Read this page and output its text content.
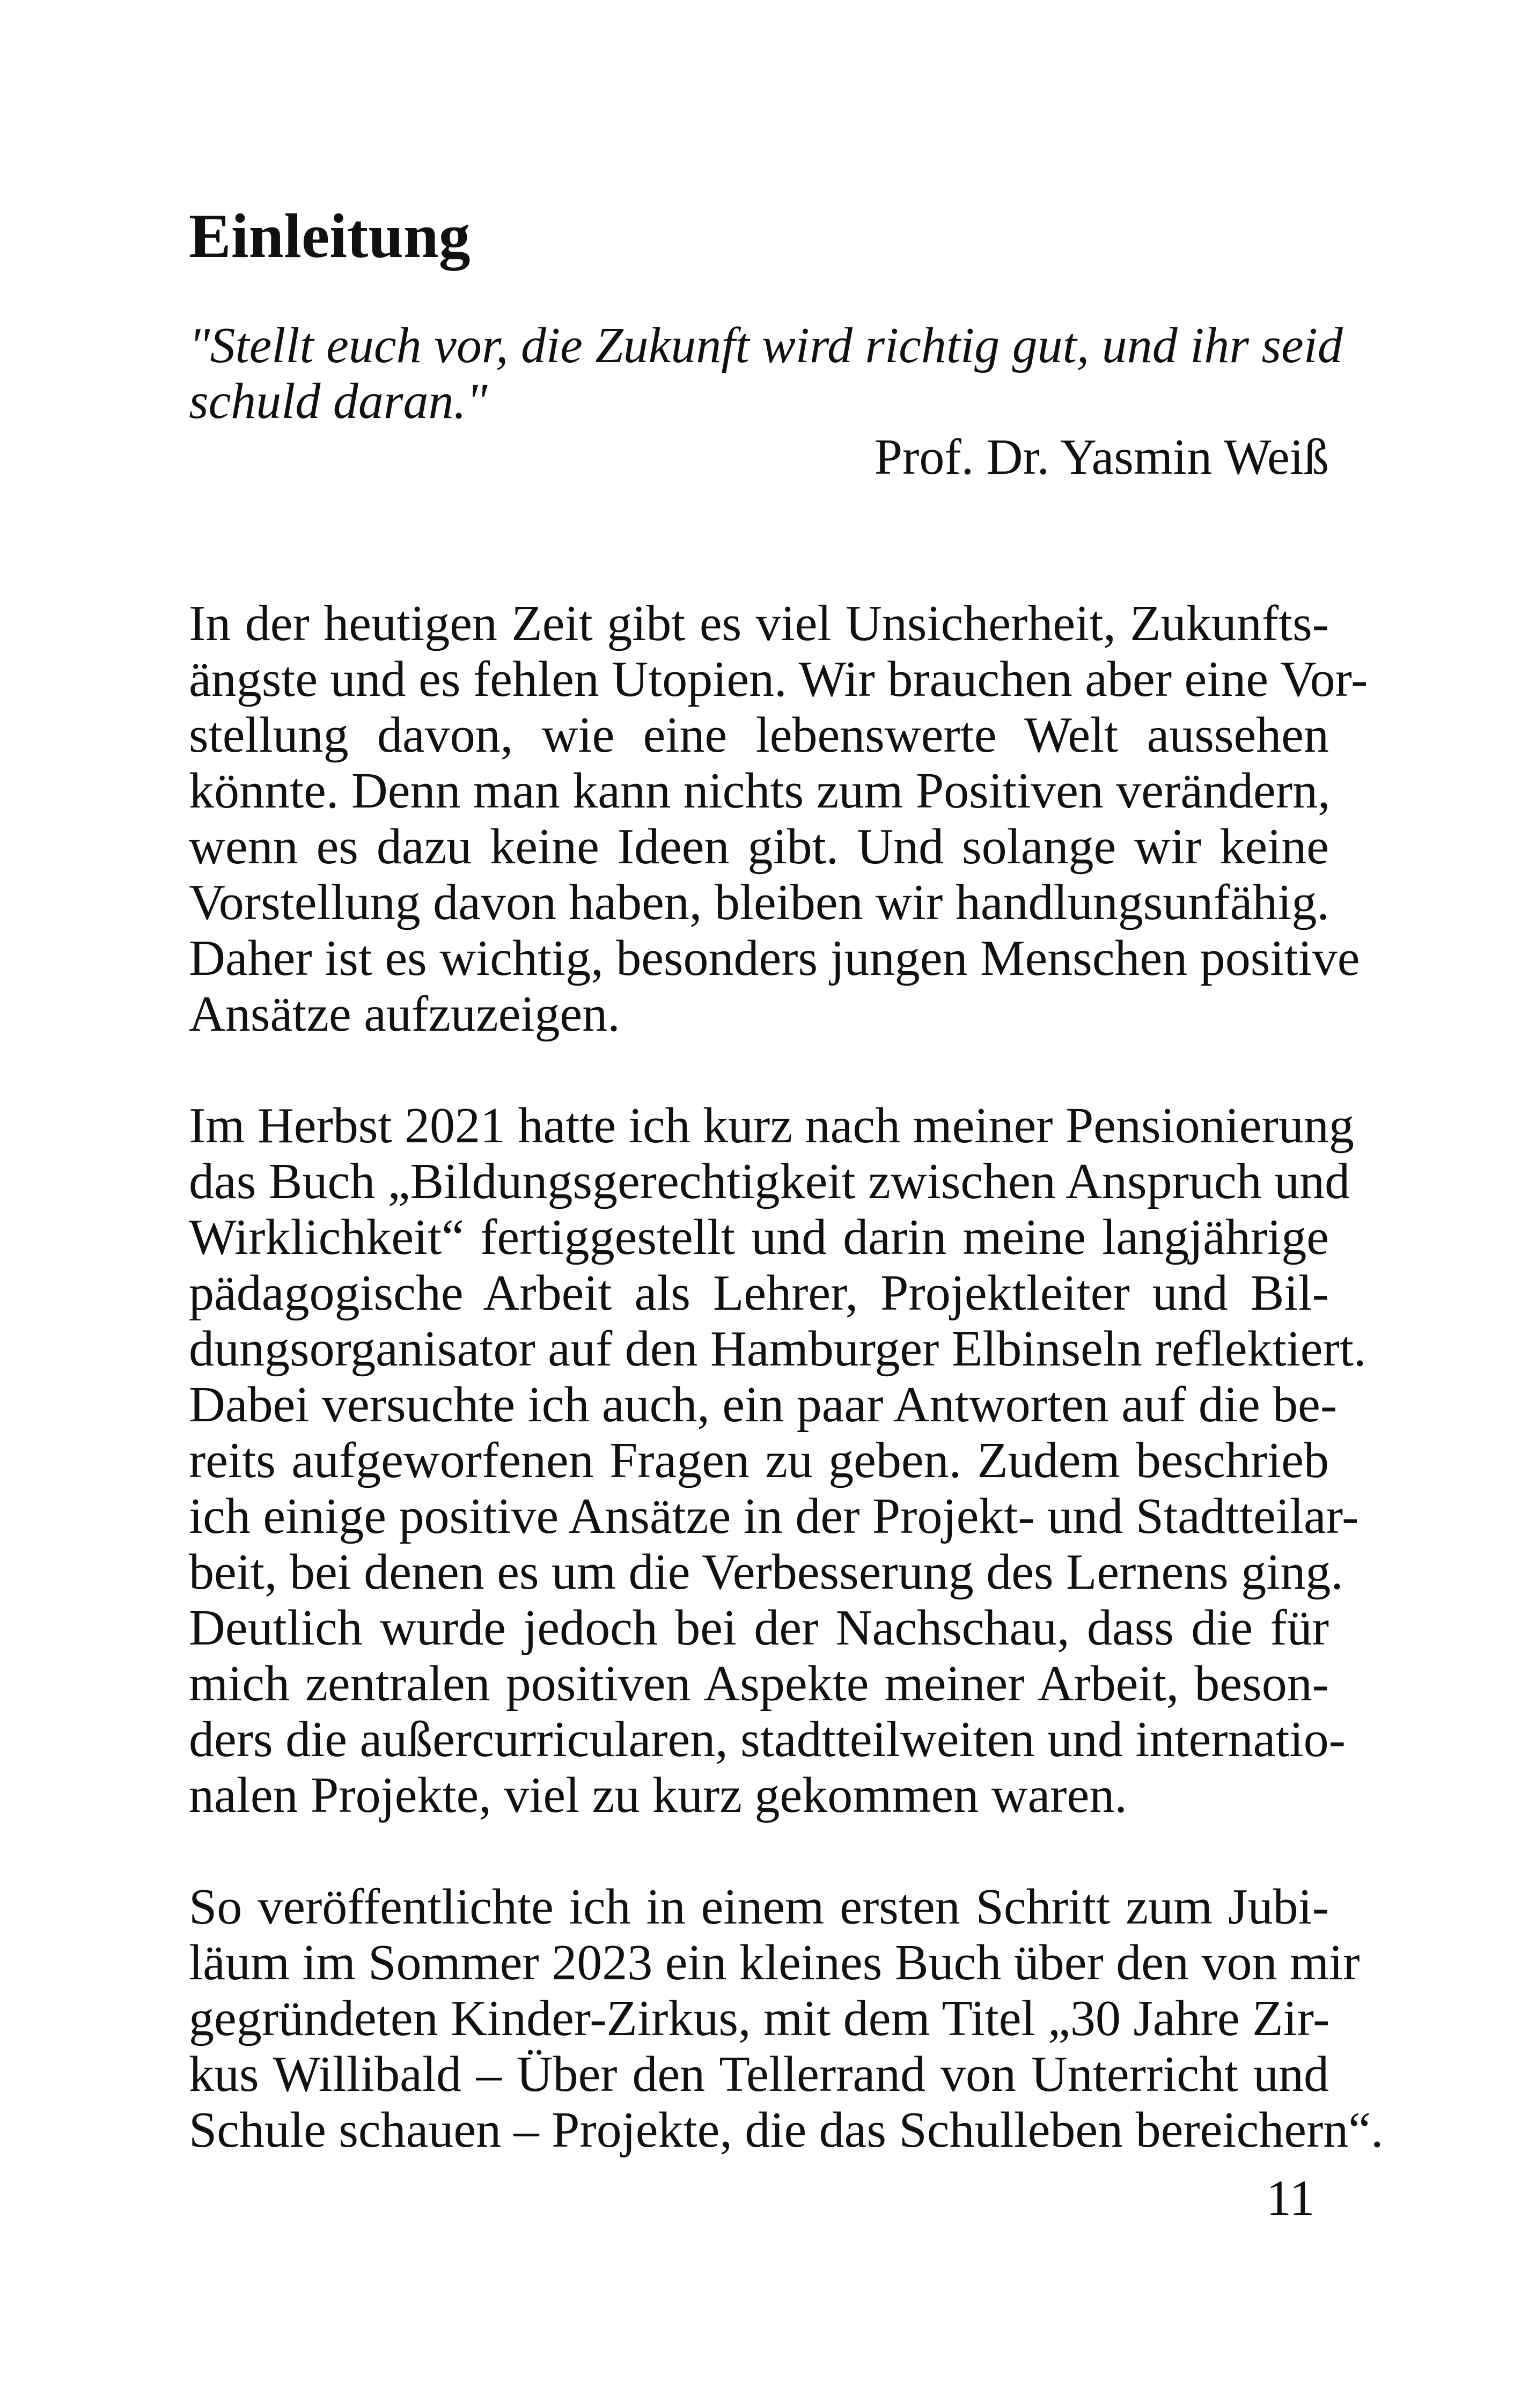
Einleitung
"Stellt euch vor, die Zukunft wird richtig gut, und ihr seid
schuld daran."
Prof. Dr. Yasmin Weiß
In der heutigen Zeit gibt es viel Unsicherheit, Zukunfts-
ängste und es fehlen Utopien. Wir brauchen aber eine Vor-
stellung davon, wie eine lebenswerte Welt aussehen
könnte. Denn man kann nichts zum Positiven verändern,
wenn es dazu keine Ideen gibt. Und solange wir keine
Vorstellung davon haben, bleiben wir handlungsunfähig.
Daher ist es wichtig, besonders jungen Menschen positive
Ansätze aufzuzeigen.
Im Herbst 2021 hatte ich kurz nach meiner Pensionierung
das Buch „Bildungsgerechtigkeit zwischen Anspruch und
Wirklichkeit“ fertiggestellt und darin meine langjährige
pädagogische Arbeit als Lehrer, Projektleiter und Bil-
dungsorganisator auf den Hamburger Elbinseln reflektiert.
Dabei versuchte ich auch, ein paar Antworten auf die be-
reits aufgeworfenen Fragen zu geben. Zudem beschrieb
ich einige positive Ansätze in der Projekt- und Stadtteilar-
beit, bei denen es um die Verbesserung des Lernens ging.
Deutlich wurde jedoch bei der Nachschau, dass die für
mich zentralen positiven Aspekte meiner Arbeit, beson-
ders die außercurricularen, stadtteilweiten und internatio-
nalen Projekte, viel zu kurz gekommen waren.
So veröffentlichte ich in einem ersten Schritt zum Jubi-
läum im Sommer 2023 ein kleines Buch über den von mir
gegründeten Kinder-Zirkus, mit dem Titel „30 Jahre Zir-
kus Willibald – Über den Tellerrand von Unterricht und
Schule schauen – Projekte, die das Schulleben bereichern“.
11
